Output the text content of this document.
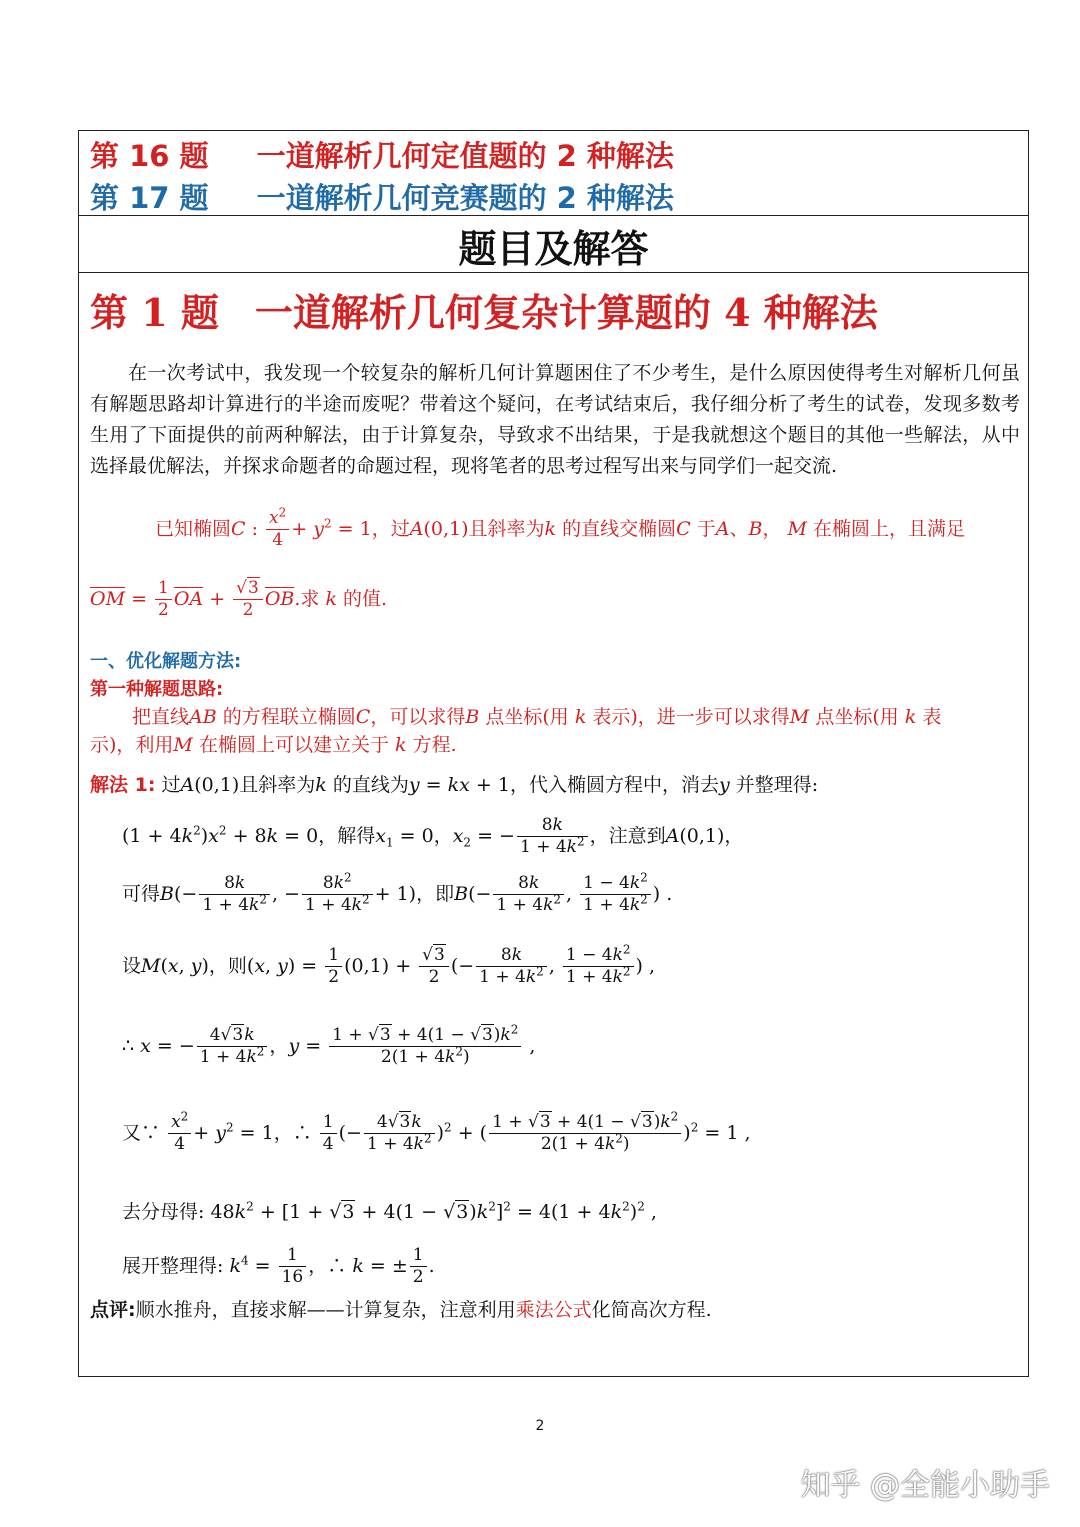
第 16 题 一道解析几何定值题的 2 种解法
第 17 题 一道解析几何竞赛题的 2 种解法
题目及解答
第 1 题 一道解析几何复杂计算题的 4 种解法
在一次考试中，我发现一个较复杂的解析几何计算题困住了不少考生，是什么原因使得考生对解析几何虽有解题思路却计算进行的半途而废呢？带着这个疑问，在考试结束后，我仔细分析了考生的试卷，发现多数考生用了下面提供的前两种解法，由于计算复杂，导致求不出结果，于是我就想这个题目的其他一些解法，从中选择最优解法，并探求命题者的命题过程，现将笔者的思考过程写出来与同学们一起交流.
已知椭圆C : $\frac{x^2}{4} + y^2 = 1$，过A(0,1)且斜率为k 的直线交椭圆C 于A、B， M 在椭圆上，且满足
$\overline{OM} = \frac{1}{2} \overline{OA} + \frac{√3}{2} \overline{OB}$.求 k 的值.
一、优化解题方法:
第一种解题思路:
把直线AB 的方程联立椭圆C，可以求得B 点坐标(用 k 表示)，进一步可以求得M 点坐标(用 k 表
示)，利用M 在椭圆上可以建立关于 k 方程.
解法 1: 过A(0,1)且斜率为k 的直线为y = kx + 1，代入椭圆方程中，消去y 并整理得:
$(1 + 4k^2)x^2 + 8k = 0$，解得$x_1 = 0$，$x_2$ = − $\frac{8k}{1 + 4k^2}$ ，注意到A(0,1)，
可得$B(- \frac{8k}{1 + 4k^2}$ , − $\frac{8k^2}{1 + 4k^2} + 1$)，即$B(- \frac{8k}{1 + 4k^2}$ , $\frac{1 - 4k^2}{1 + 4k^2}$ ) .
设M(x, y)，则(x, $y) = \frac{1}{2} (0,1) + \frac{√3}{2}$ (− $\frac{8k}{1 + 4k^2}$ , $\frac{1 - 4k^2}{1 + 4k^2}$ ) ,
∴ x = − $\frac{4√3k}{1 + 4k^2}$ ，$y = \frac{1 + √3 + 4(1 - √3)k^2}{2(1 + 4k^2)}$ ,
又∵ $\frac{x^2}{4} + y^2 = 1$，∴ $\frac{1}{4}$ (− $\frac{4√3k}{1 + 4k^2} )^2$ + ( $\frac{1 + √3 + 4(1 - √3)k^2}{2(1 + 4k^2)} )^2 = 1$ ,
去分母得: $48k^2 + [1 + √3 + 4(1 - √3)k^2]^2 = 4(1 + 4k^2)^2$ ,
展开整理得: $k^4 = \frac{1}{16}$ ，∴ k = ± $\frac{1}{2}$ .
点评:顺水推舟，直接求解——计算复杂，注意利用乘法公式化简高次方程.
2
知乎 @全能小助手
